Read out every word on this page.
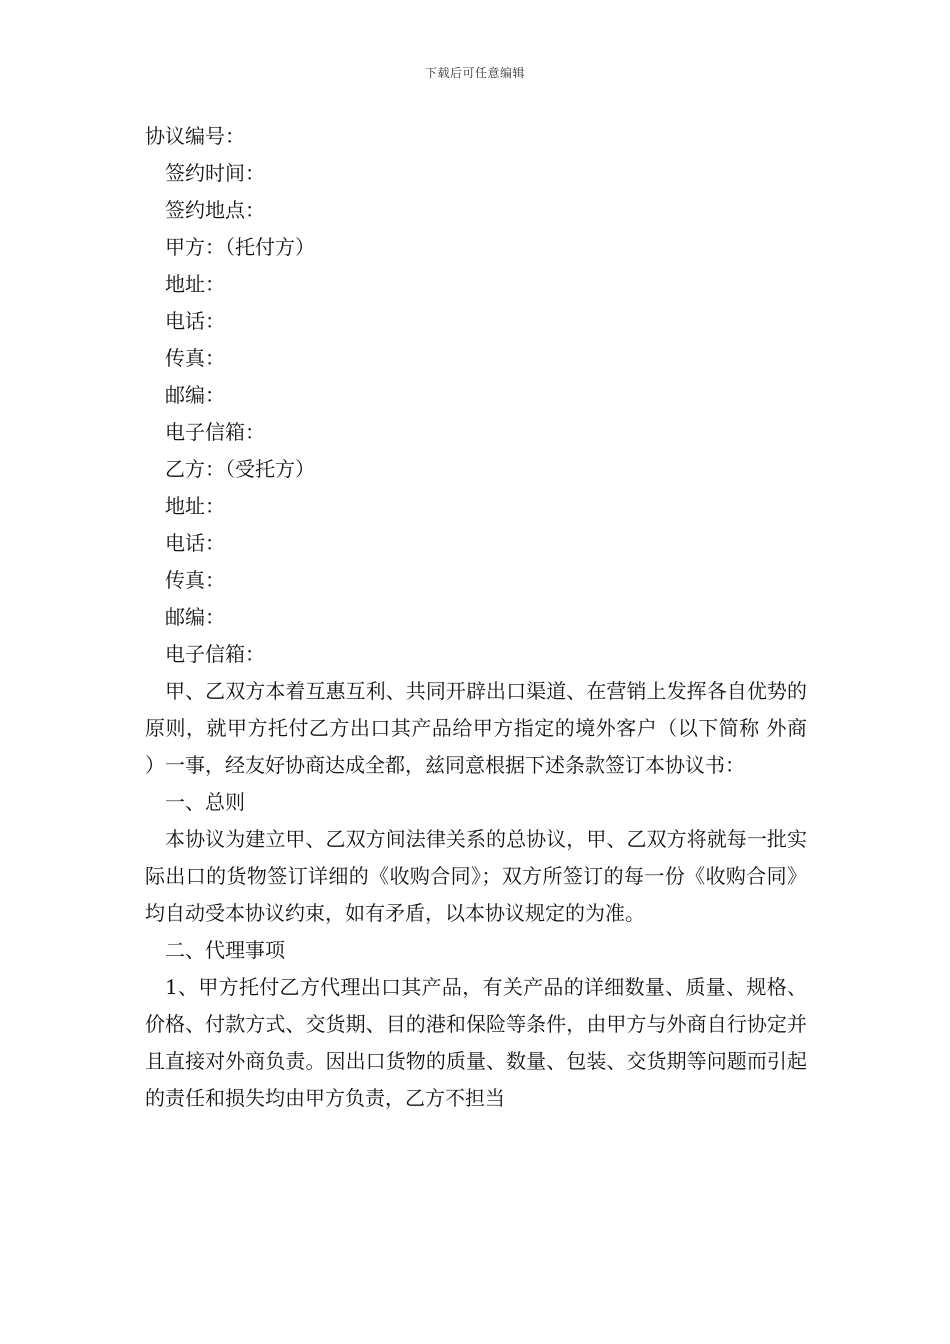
下载后可任意编辑

协议编号：

签约时间：

签约地点：

甲方：（托付方）

地址：

电话：

传真：

邮编：

电子信箱：

乙方：（受托方）

地址：

电话：

传真：

邮编：

电子信箱：

甲、乙双方本着互惠互利、共同开辟出口渠道、在营销上发挥各自优势的原则，就甲方托付乙方出口其产品给甲方指定的境外客户（以下简称 外商 ）一事，经友好协商达成全都，兹同意根据下述条款签订本协议书：

一、总则

本协议为建立甲、乙双方间法律关系的总协议，甲、乙双方将就每一批实际出口的货物签订详细的《收购合同》；双方所签订的每一份《收购合同》均自动受本协议约束，如有矛盾，以本协议规定的为准。

二、代理事项

1、甲方托付乙方代理出口其产品，有关产品的详细数量、质量、规格、价格、付款方式、交货期、目的港和保险等条件，由甲方与外商自行协定并且直接对外商负责。因出口货物的质量、数量、包装、交货期等问题而引起的责任和损失均由甲方负责，乙方不担当
